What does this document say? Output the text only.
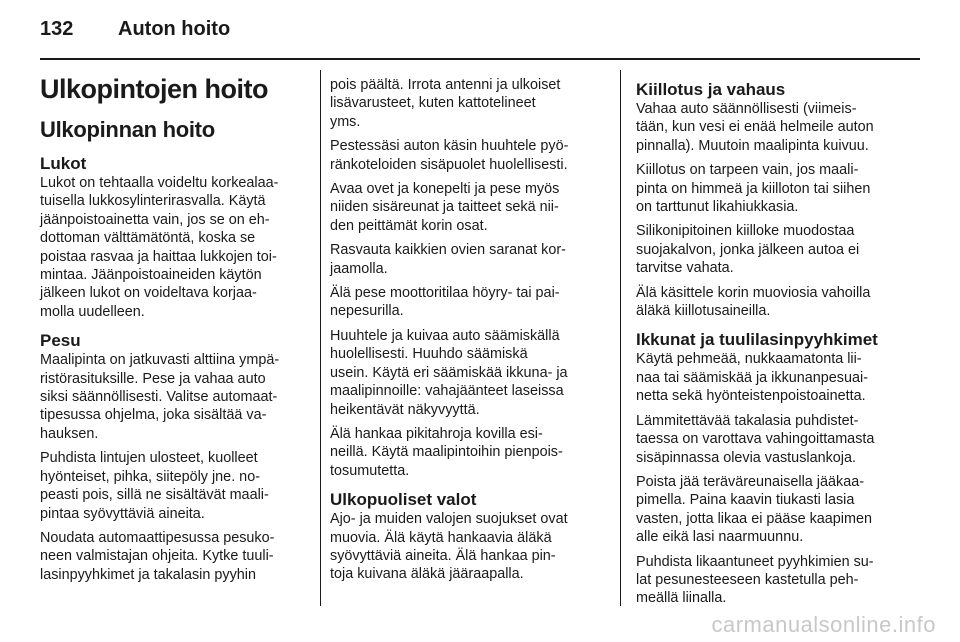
132 Auton hoito
Ulkopintojen hoito
Ulkopinnan hoito
Lukot

Lukot on tehtaalla voideltu korkealaa-
tuisella lukkosylinterirasvalla. Käytä
jäänpoistoainetta vain, jos se on eh-
dottoman välttämätöntä, koska se
poistaa rasvaa ja haittaa lukkojen toi-
mintaa. Jäänpoistoaineiden käytön
jälkeen lukot on voideltava korjaa-
molla uudelleen.

Pesu

Maalipinta on jatkuvasti alttiina ympä-
ristörasituksille. Pese ja vahaa auto
siksi säännöllisesti. Valitse automaat-
tipesussa ohjelma, joka sisältää va-
hauksen.

Puhdista lintujen ulosteet, kuolleet
hyönteiset, pihka, siitepöly jne. no-
peasti pois, sillä ne sisältävät maali-
pintaa syövyttäviä aineita.

Noudata automaattipesussa pesuko-
neen valmistajan ohjeita. Kytke tuuli-
lasinpyyhkimet ja takalasin pyyhin

pois päältä. Irrota antenni ja ulkoiset
lisävarusteet, kuten kattotelineet
yms.

Pestessäsi auton käsin huuhtele pyö-
ränkoteloiden sisäpuolet huolellisesti.

Avaa ovet ja konepelti ja pese myös
niiden sisäreunat ja taitteet sekä nii-
den peittämät korin osat.

Rasvauta kaikkien ovien saranat kor-
jaamolla.

Älä pese moottoritilaa höyry- tai pai-
nepesurilla.

Huuhtele ja kuivaa auto säämiskällä
huolellisesti. Huuhdo säämiskä
usein. Käytä eri säämiskää ikkuna- ja
maalipinnoille: vahajäänteet laseissa
heikentävät näkyvyyttä.

Älä hankaa pikitahroja kovilla esi-
neillä. Käytä maalipintoihin pienpois-
tosumutetta.

Ulkopuoliset valot

Ajo- ja muiden valojen suojukset ovat
muovia. Älä käytä hankaavia äläkä
syövyttäviä aineita. Älä hankaa pin-
toja kuivana äläkä jääraapalla.

Kiillotus ja vahaus

Vahaa auto säännöllisesti (viimeis-
tään, kun vesi ei enää helmeile auton
pinnalla). Muutoin maalipinta kuivuu.

Kiillotus on tarpeen vain, jos maali-
pinta on himmeä ja kiilloton tai siihen
on tarttunut likahiukkasia.

Silikonipitoinen kiilloke muodostaa
suojakalvon, jonka jälkeen autoa ei
tarvitse vahata.

Älä käsittele korin muoviosia vahoilla
äläkä kiillotusaineilla.

Ikkunat ja tuulilasinpyyhkimet

Käytä pehmeää, nukkaamatonta lii-
naa tai säämiskää ja ikkunanpesuai-
netta sekä hyönteistenpoistoainetta.

Lämmitettävää takalasia puhdistet-
taessa on varottava vahingoittamasta
sisäpinnassa olevia vastuslankoja.

Poista jää teräväreunaisella jääkaa-
pimella. Paina kaavin tiukasti lasia
vasten, jotta likaa ei pääse kaapimen
alle eikä lasi naarmuunnu.

Puhdista likaantuneet pyyhkimien su-
lat pesunesteeseen kastetulla peh-
meällä liinalla.

carmanualsonline.info
